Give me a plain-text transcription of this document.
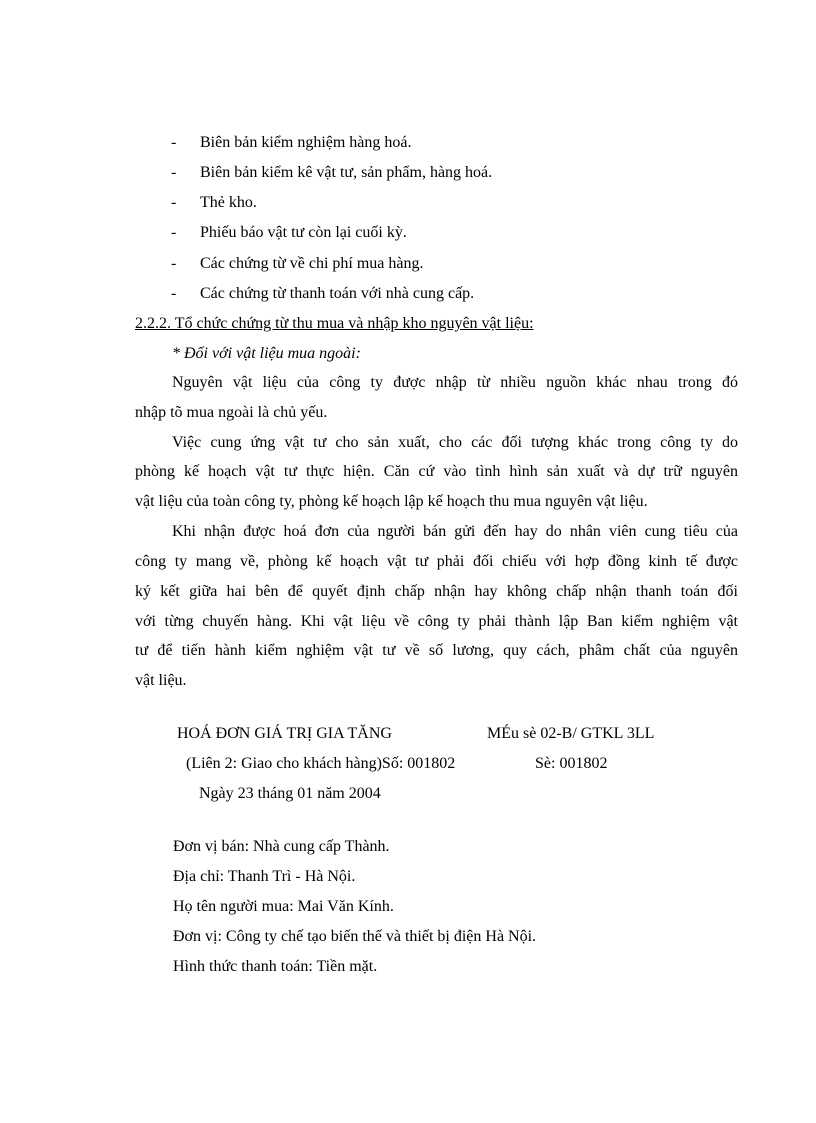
- Biên bản kiểm nghiệm hàng hoá.
- Biên bản kiểm kê vật tư, sản phẩm, hàng hoá.
- Thẻ kho.
- Phiếu báo vật tư còn lại cuối kỳ.
- Các chứng từ về chi phí mua hàng.
- Các chứng từ thanh toán với nhà cung cấp.
2.2.2. Tổ chức chứng từ thu mua và nhập kho nguyên vật liệu:
* Đối với vật liệu mua ngoài:
Nguyên vật liệu của công ty được nhập từ nhiều nguồn khác nhau trong đó
nhập tõ mua ngoài là chủ yếu.
Việc cung ứng vật tư cho sản xuất, cho các đối tượng khác trong công ty do
phòng kế hoạch vật tư thực hiện. Căn cứ vào tình hình sản xuất và dự trữ nguyên
vật liệu của toàn công ty, phòng kế hoạch lập kế hoạch thu mua nguyên vật liệu.
Khi nhận được hoá đơn của người bán gửi đến hay do nhân viên cung tiêu của
công ty mang về, phòng kế hoạch vật tư phải đối chiếu với hợp đồng kinh tế được
ký kết giữa hai bên để quyết định chấp nhận hay không chấp nhận thanh toán đối
với từng chuyến hàng. Khi vật liệu về công ty phải thành lập Ban kiểm nghiệm vật
tư để tiến hành kiểm nghiệm vật tư về số lương, quy cách, phâm chất của nguyên
vật liệu.
HOÁ ĐƠN GIÁ TRỊ GIA TĂNG	MÉu sè 02-B/ GTKL 3LL
(Liên 2: Giao cho khách hàng)Số: 001802	Sè: 001802
Ngày 23 tháng 01 năm 2004
Đơn vị bán: Nhà cung cấp Thành.
Địa chỉ: Thanh Trì - Hà Nội.
Họ tên người mua: Mai Văn Kính.
Đơn vị: Công ty chế tạo biến thế và thiết bị điện Hà Nội.
Hình thức thanh toán: Tiền mặt.
